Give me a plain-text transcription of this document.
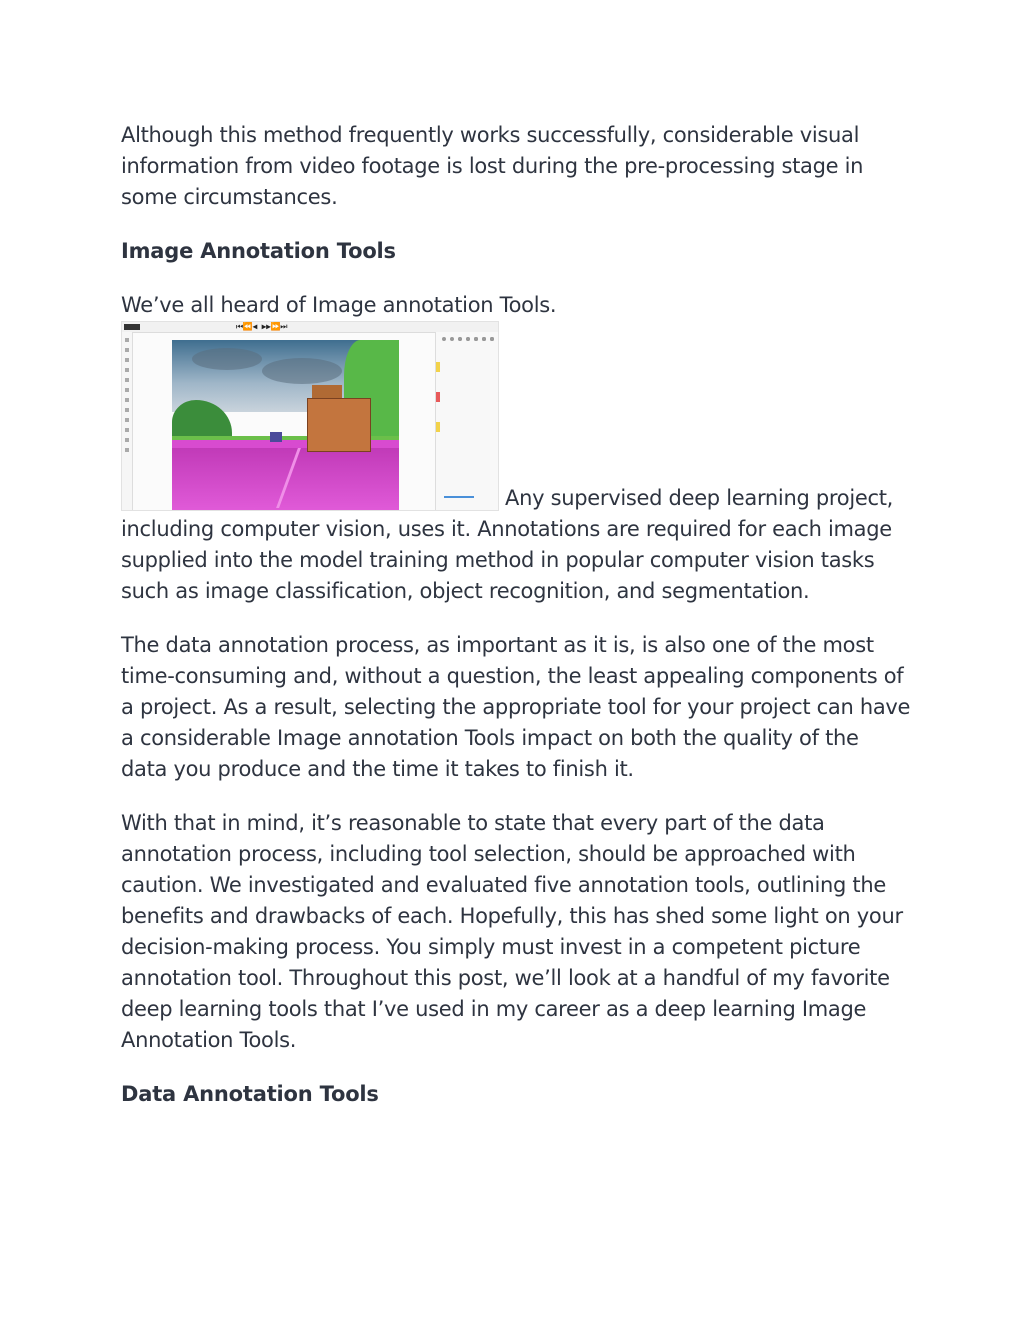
Although this method frequently works successfully, considerable visual information from video footage is lost during the pre-processing stage in some circumstances.

Image Annotation Tools

We’ve all heard of Image annotation Tools.

⏮⏪◀ ▶▶⏩⏭
Any supervised deep learning project, including computer vision, uses it. Annotations are required for each image supplied into the model training method in popular computer vision tasks such as image classification, object recognition, and segmentation.

The data annotation process, as important as it is, is also one of the most time-consuming and, without a question, the least appealing components of a project. As a result, selecting the appropriate tool for your project can have a considerable Image annotation Tools impact on both the quality of the data you produce and the time it takes to finish it.

With that in mind, it’s reasonable to state that every part of the data annotation process, including tool selection, should be approached with caution. We investigated and evaluated five annotation tools, outlining the benefits and drawbacks of each. Hopefully, this has shed some light on your decision-making process. You simply must invest in a competent picture annotation tool. Throughout this post, we’ll look at a handful of my favorite deep learning tools that I’ve used in my career as a deep learning Image Annotation Tools.

Data Annotation Tools
